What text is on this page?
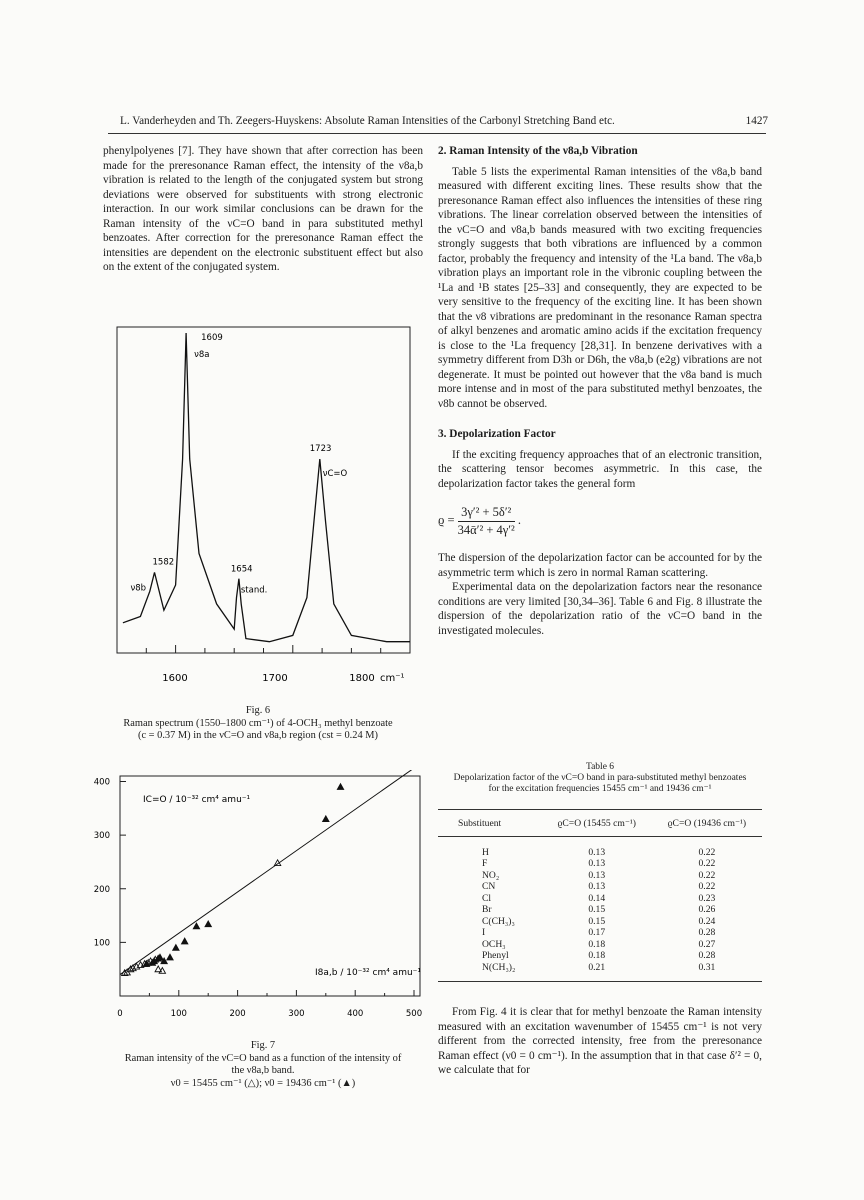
L. Vanderheyden and Th. Zeegers-Huyskens: Absolute Raman Intensities of the Carbonyl Stretching Band etc.	1427

phenylpolyenes [7]. They have shown that after correction has been made for the preresonance Raman effect, the intensity of the ν8a,b vibration is related to the length of the conjugated system but strong deviations were observed for substituents with strong electronic interaction. In our work similar conclusions can be drawn for the Raman intensity of the νC=O band in para substituted methyl benzoates. After correction for the preresonance Raman effect the intensities are dependent on the electronic substituent effect but also on the extent of the conjugated system.

1609
ν8a
1723
νC=O
1654
stand.
1582
ν8b
1600	1700	1800 cm⁻¹
Fig. 6
Raman spectrum (1550–1800 cm⁻¹) of 4-OCH₃ methyl benzoate
(c = 0.37 M) in the νC=O and ν8a,b region (cst = 0.24 M)
0	100	200	300	400	500
100
200
300
400
IC=O / 10⁻³² cm⁴ amu⁻¹
I8a,b / 10⁻³² cm⁴ amu⁻¹
Fig. 7
Raman intensity of the νC=O band as a function of the intensity of
the ν8a,b band.
ν0 = 15455 cm⁻¹ (△); ν0 = 19436 cm⁻¹ (▲)
2. Raman Intensity of the ν8a,b Vibration

Table 5 lists the experimental Raman intensities of the ν8a,b band measured with different exciting lines. These results show that the preresonance Raman effect also influences the intensities of these ring vibrations. The linear correlation observed between the intensities of the νC=O and ν8a,b bands measured with two exciting frequencies strongly suggests that both vibrations are influenced by a common factor, probably the frequency and intensity of the ¹La band. The ν8a,b vibration plays an important role in the vibronic coupling between the ¹La and ¹B states [25–33] and consequently, they are expected to be very sensitive to the frequency of the exciting line. It has been shown that the ν8 vibrations are predominant in the resonance Raman spectra of alkyl benzenes and aromatic amino acids if the excitation frequency is close to the ¹La frequency [28,31]. In benzene derivatives with a symmetry different from D3h or D6h, the ν8a,b (e2g) vibrations are not degenerate. It must be pointed out however that the ν8a band is much more intense and in most of the para substituted methyl benzoates, the ν8b cannot be observed.

3. Depolarization Factor

If the exciting frequency approaches that of an electronic transition, the scattering tensor becomes asymmetric. In this case, the depolarization factor takes the general form

$ϱ = \frac{\text{3γ′² + 5δ′²}}{\text{34ᾱ′² + 4γ′²}}$ .

The dispersion of the depolarization factor can be accounted for by the asymmetric term which is zero in normal Raman scattering.

Experimental data on the depolarization factors near the resonance conditions are very limited [30,34–36]. Table 6 and Fig. 8 illustrate the dispersion of the depolarization ratio of the νC=O band in the investigated molecules.

Table 6
Depolarization factor of the νC=O band in para-substituted methyl benzoates
for the excitation frequencies 15455 cm⁻¹ and 19436 cm⁻¹
Substituent	ϱC=O (15455 cm⁻¹)	ϱC=O (19436 cm⁻¹)

H	0.13	0.22
F	0.13	0.22
NO₂	0.13	0.22
CN	0.13	0.22
Cl	0.14	0.23
Br	0.15	0.26
C(CH₃)₃	0.15	0.24
I	0.17	0.28
OCH₃	0.18	0.27
Phenyl	0.18	0.28
N(CH₃)₂	0.21	0.31

From Fig. 4 it is clear that for methyl benzoate the Raman intensity measured with an excitation wavenumber of 15455 cm⁻¹ is not very different from the corrected intensity, free from the preresonance Raman effect (ν0 = 0 cm⁻¹). In the assumption that in that case δ′² = 0, we calculate that for
